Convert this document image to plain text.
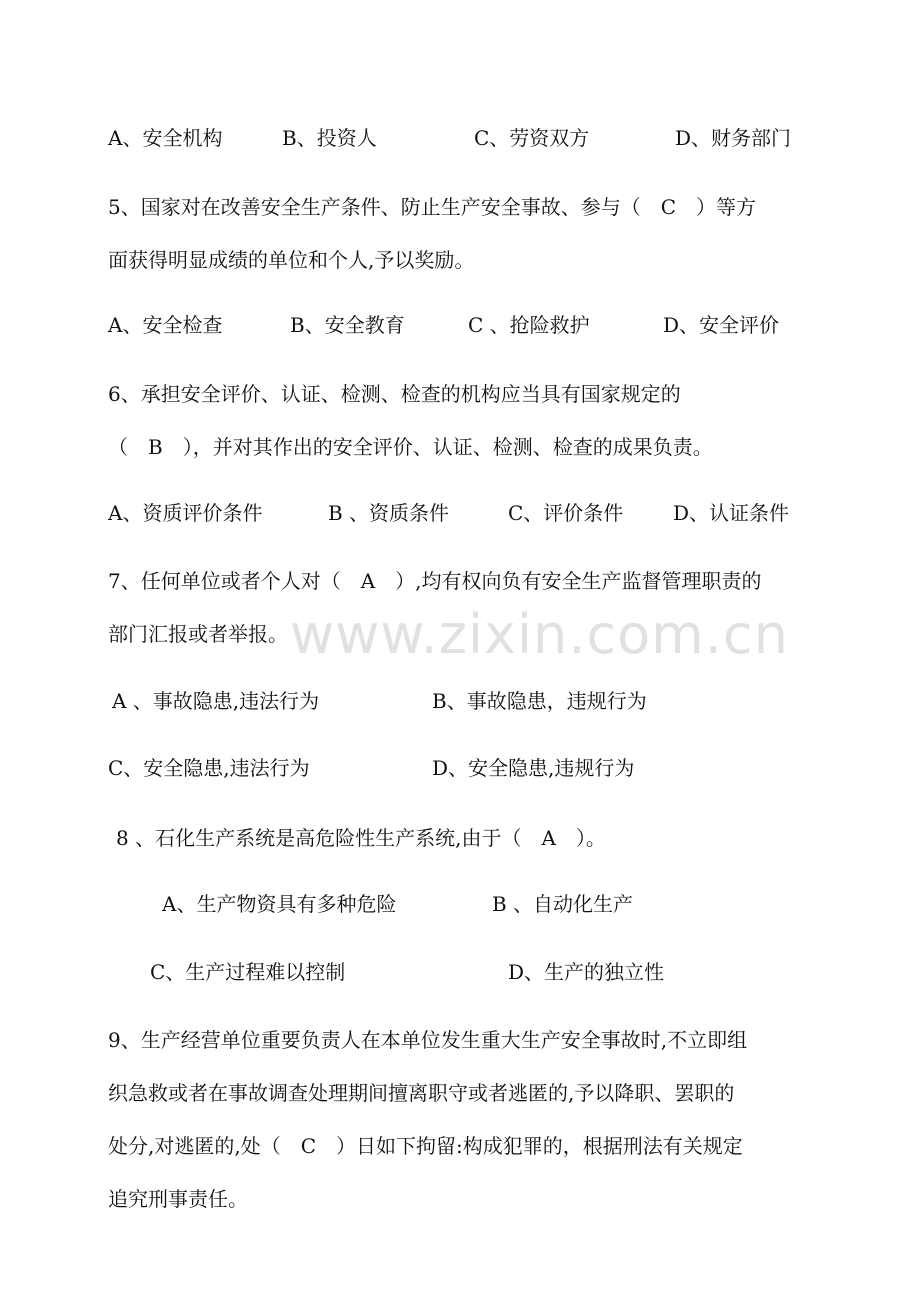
A、安全机构	B、投资人	C、劳资双方	D、财务部门
5、国家对在改善安全生产条件、防止生产安全事故、参与（　C　）等方
面获得明显成绩的单位和个人,予以奖励。
A、安全检查	B、安全教育	C 、抢险救护	D、安全评价
6、承担安全评价、认证、检测、检查的机构应当具有国家规定的
（　B　），并对其作出的安全评价、认证、检测、检查的成果负责。
A、资质评价条件	B 、资质条件	C、评价条件 D、认证条件
7、任何单位或者个人对（　A　）,均有权向负有安全生产监督管理职责的
部门汇报或者举报。
A 、事故隐患,违法行为	B、事故隐患，违规行为
C、安全隐患,违法行为	D、安全隐患,违规行为
8 、石化生产系统是高危险性生产系统,由于（　A　）。
A、生产物资具有多种危险	B 、自动化生产
C、生产过程难以控制	D、生产的独立性
9、生产经营单位重要负责人在本单位发生重大生产安全事故时,不立即组
织急救或者在事故调查处理期间擅离职守或者逃匿的,予以降职、罢职的
处分,对逃匿的,处（　C　）日如下拘留:构成犯罪的，根据刑法有关规定
追究刑事责任。
www.zixin.com.cn
